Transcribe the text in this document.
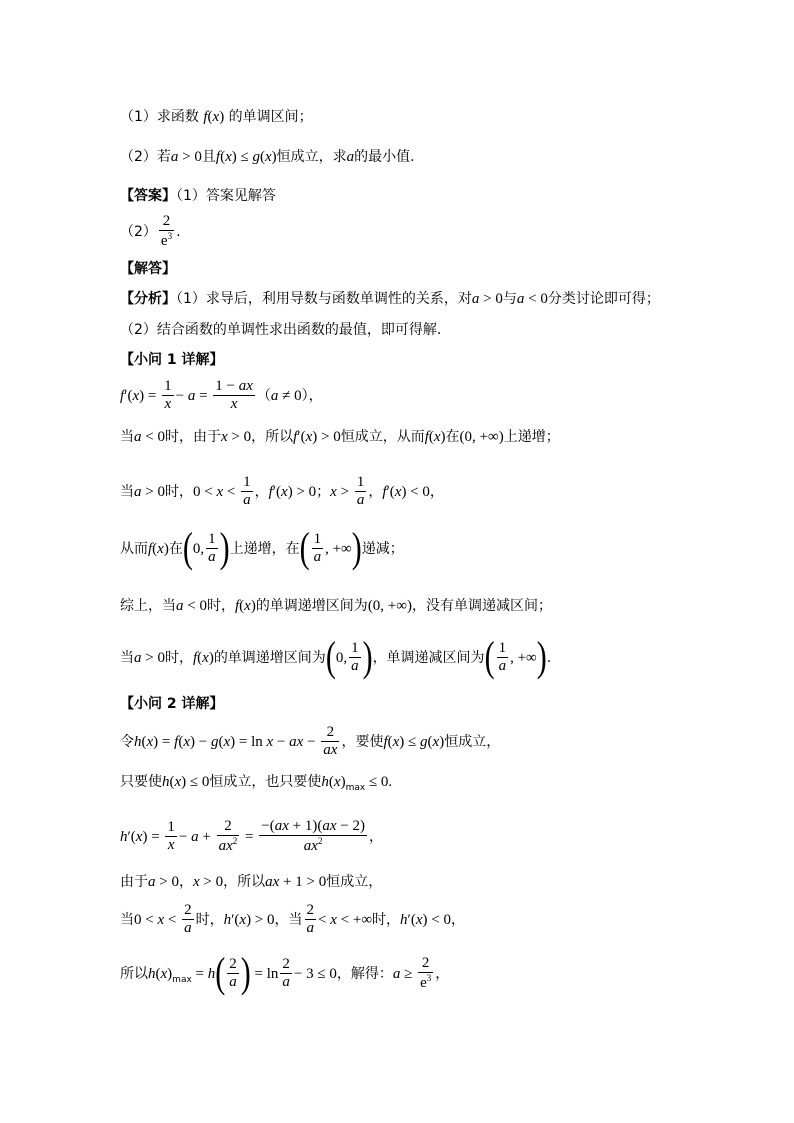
（1）求函数 f(x) 的单调区间；
（2）若a > 0且f(x) ≤ g(x)恒成立，求a的最小值.
【答案】（1）答案见解答
$(2) \frac{2}{e^3}$ .
【解答】
【分析】（1）求导后，利用导数与函数单调性的关系，对a > 0与a < 0分类讨论即可得；
（2）结合函数的单调性求出函数的最值，即可得解.
【小问 1 详解】
$f'(x) = \frac{1}{x} - a = \frac{1 - ax}{x} (a \ne 0)$，
当a < 0时，由于x > 0，所以f′(x) > 0恒成立，从而f(x)在(0, +∞)上递增；
当a > 0时，$0 < x < \frac{1}{a}$ ，f′(x) > 0；$x > \frac{1}{a}$ ，f′(x) < 0，
从而f(x)在(0, $\frac{1}{a}$ )上递增，在( $\frac{1}{a}$ , +∞)递减；
综上，当a < 0时，f(x)的单调递增区间为(0, +∞)，没有单调递减区间；
当a > 0时，f(x)的单调递增区间为(0, $\frac{1}{a}$ )，单调递减区间为( $\frac{1}{a}$ , +∞).
【小问 2 详解】
令h(x) = f(x) − g(x) = ln x − ax − $\frac{2}{ax}$ ，要使f(x) ≤ g(x)恒成立，
只要使h(x) ≤ 0恒成立，也只要使$h(x)_{max} \le 0$.
$h'(x) = \frac{1}{x} - a + \frac{2}{ax^2} = \frac{-(ax + 1)(ax - 2)}{ax^2}$ ，
由于a > 0，x > 0，所以ax + 1 > 0恒成立，
当$0 < x < \frac{2}{a}$ 时，h′(x) > 0，当 $\frac{2}{a} < x$ < +∞时，h′(x) < 0，
所以$h(x)_{max} = h( \frac{2}{a}$ ) = $\ln \frac{2}{a} - 3 \le 0$，解得：$a \ge \frac{2}{e^3}$ ，
